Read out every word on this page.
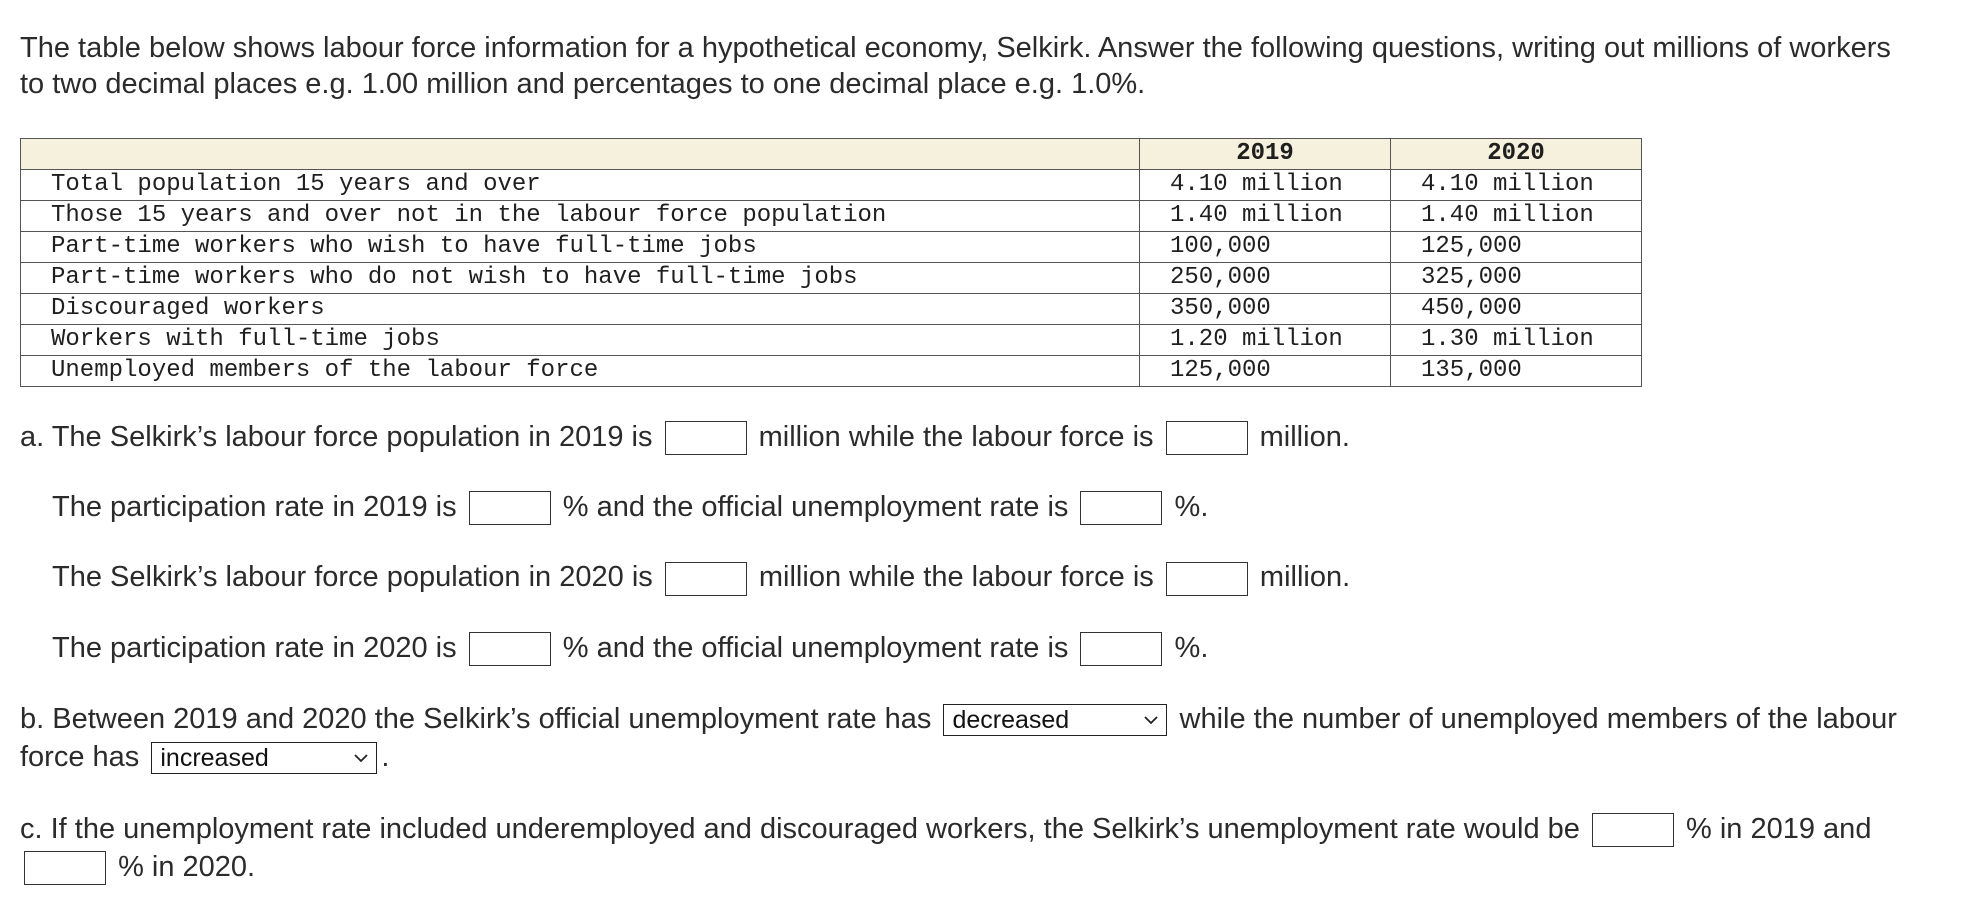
The table below shows labour force information for a hypothetical economy, Selkirk. Answer the following questions, writing out millions of workers to two decimal places e.g. 1.00 million and percentages to one decimal place e.g. 1.0%.

	2019	2020
Total population 15 years and over	4.10 million	4.10 million
Those 15 years and over not in the labour force population	1.40 million	1.40 million
Part-time workers who wish to have full-time jobs	100,000	125,000
Part-time workers who do not wish to have full-time jobs	250,000	325,000
Discouraged workers	350,000	450,000
Workers with full-time jobs	1.20 million	1.30 million
Unemployed members of the labour force	125,000	135,000

a. The Selkirk’s labour force population in 2019 is	million while the labour force is	million.

The participation rate in 2019 is	% and the official unemployment rate is	%.

The Selkirk’s labour force population in 2020 is	million while the labour force is	million.

The participation rate in 2020 is	% and the official unemployment rate is	%.

b. Between 2019 and 2020 the Selkirk’s official unemployment rate has decreased	while the number of unemployed members of the labour force has increased	.

c. If the unemployment rate included underemployed and discouraged workers, the Selkirk’s unemployment rate would be	% in 2019 and  % in 2020.
